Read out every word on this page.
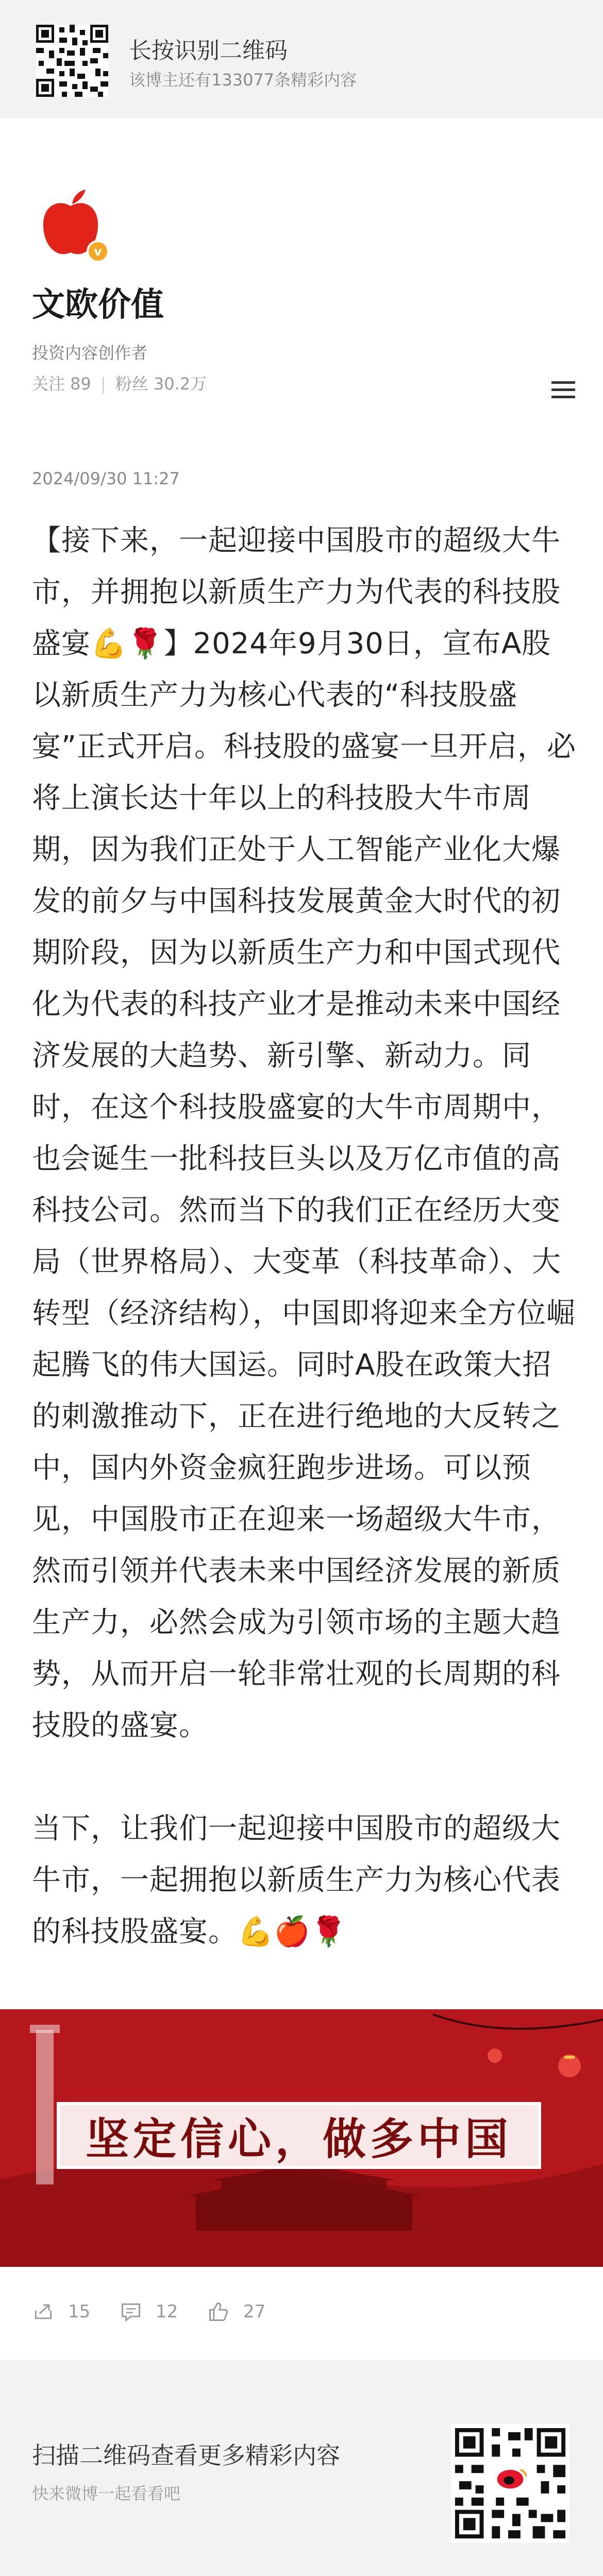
长按识别二维码
该博主还有133077条精彩内容
v
文欧价值
投资内容创作者
关注 89 | 粉丝 30.2万
2024/09/30 11:27

【接下来，一起迎接中国股市的超级大牛市，并拥抱以新质生产力为代表的科技股盛宴💪🌹】2024年9月30日，宣布A股以新质生产力为核心代表的“科技股盛宴”正式开启。科技股的盛宴一旦开启，必将上演长达十年以上的科技股大牛市周期，因为我们正处于人工智能产业化大爆发的前夕与中国科技发展黄金大时代的初期阶段，因为以新质生产力和中国式现代化为代表的科技产业才是推动未来中国经济发展的大趋势、新引擎、新动力。同时，在这个科技股盛宴的大牛市周期中，也会诞生一批科技巨头以及万亿市值的高科技公司。然而当下的我们正在经历大变局（世界格局）、大变革（科技革命）、大转型（经济结构），中国即将迎来全方位崛起腾飞的伟大国运。同时A股在政策大招的刺激推动下，正在进行绝地的大反转之中，国内外资金疯狂跑步进场。可以预见，中国股市正在迎来一场超级大牛市，然而引领并代表未来中国经济发展的新质生产力，必然会成为引领市场的主题大趋势，从而开启一轮非常壮观的长周期的科技股的盛宴。

当下，让我们一起迎接中国股市的超级大牛市，一起拥抱以新质生产力为核心代表的科技股盛宴。💪🍎🌹

坚定信心，做多中国
15	12	27
扫描二维码查看更多精彩内容
快来微博一起看看吧
